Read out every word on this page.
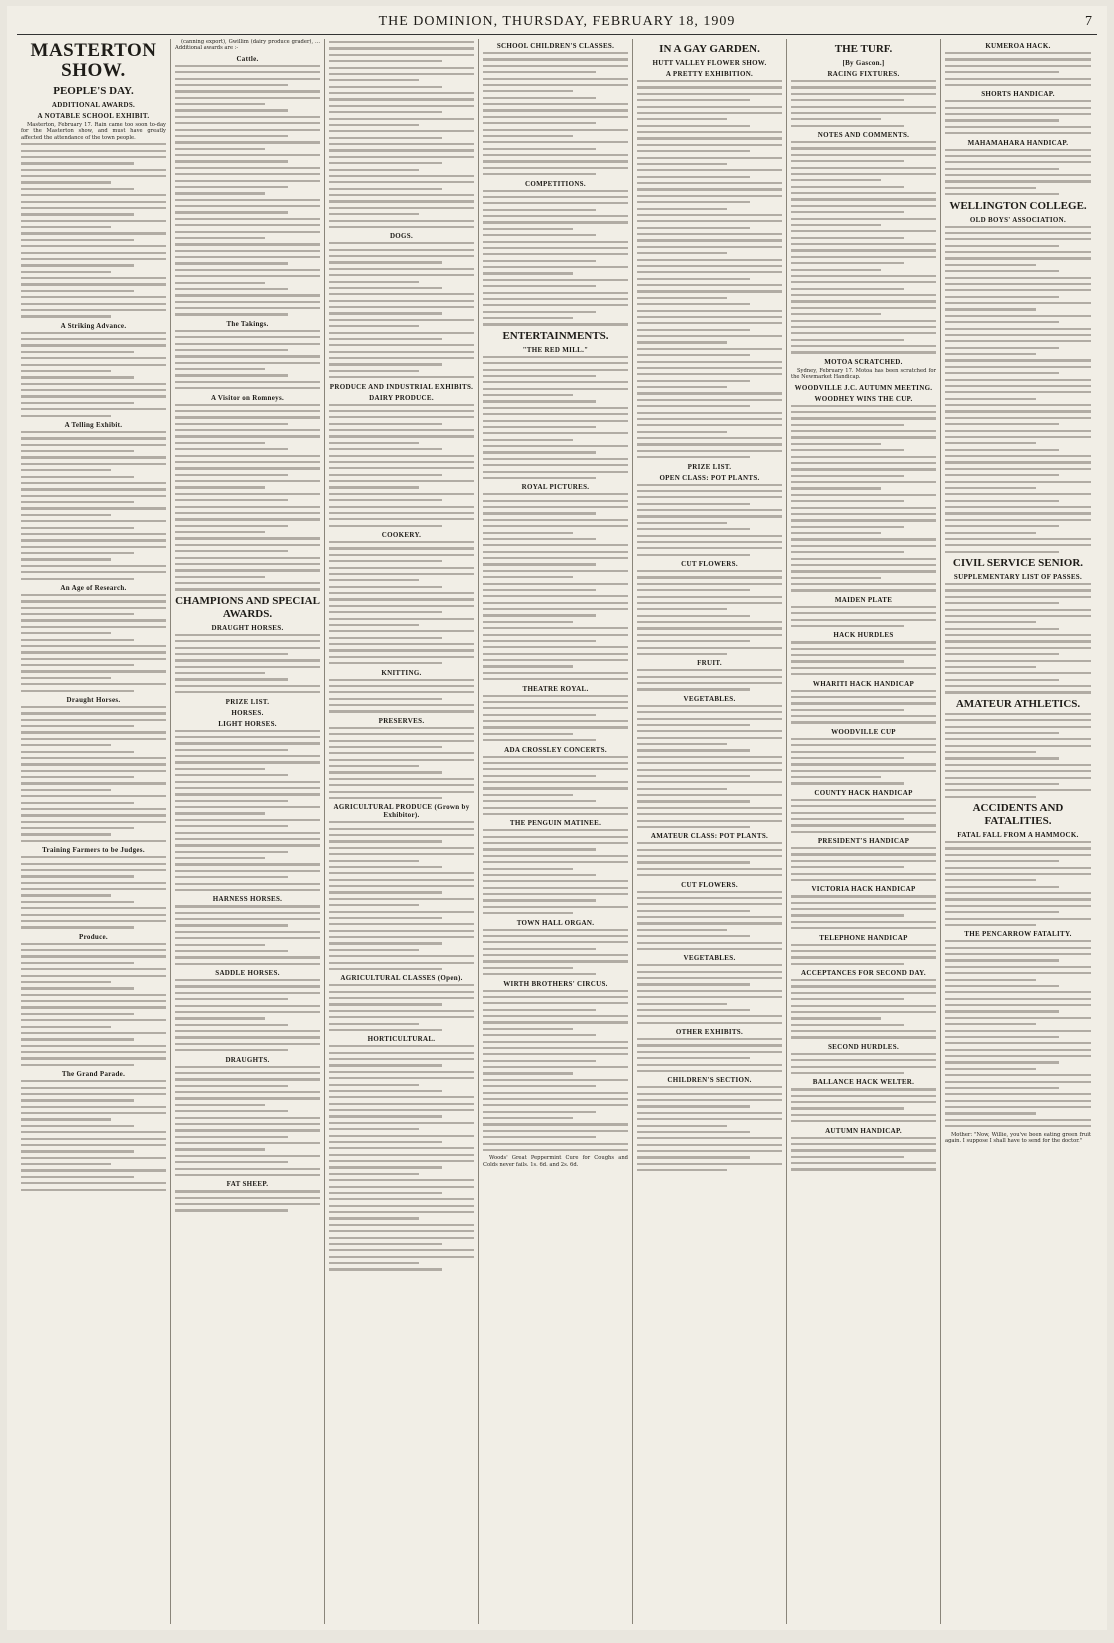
THE DOMINION, THURSDAY, FEBRUARY 18, 1909	7
MASTERTON SHOW.
PEOPLE'S DAY.
ADDITIONAL AWARDS.
A NOTABLE SCHOOL EXHIBIT.

Masterton, February 17. Rain came too soon to-day for the Masterton show, and must have greatly affected the attendance of the town people.

A Striking Advance.
A Telling Exhibit.
An Age of Research.
Draught Horses.
Training Farmers to be Judges.
Produce.
The Grand Parade.

(canning export), Gwillim (dairy produce grader), ... Additional awards are :-

Cattle.
The Takings.
A Visitor on Romneys.
CHAMPIONS AND SPECIAL AWARDS.
DRAUGHT HORSES.
PRIZE LIST.
HORSES.
LIGHT HORSES.
HARNESS HORSES.
SADDLE HORSES.
DRAUGHTS.
FAT SHEEP.
DOGS.
PRODUCE AND INDUSTRIAL EXHIBITS.
DAIRY PRODUCE.
COOKERY.
KNITTING.
PRESERVES.
AGRICULTURAL PRODUCE (Grown by Exhibitor).
AGRICULTURAL CLASSES (Open).
HORTICULTURAL.
SCHOOL CHILDREN'S CLASSES.
COMPETITIONS.
ENTERTAINMENTS.
"THE RED MILL."
ROYAL PICTURES.
THEATRE ROYAL.
ADA CROSSLEY CONCERTS.
THE PENGUIN MATINEE.
TOWN HALL ORGAN.
WIRTH BROTHERS' CIRCUS.

Woods' Great Peppermint Cure for Coughs and Colds never fails. 1s. 6d. and 2s. 6d.

IN A GAY GARDEN.
HUTT VALLEY FLOWER SHOW.
A PRETTY EXHIBITION.
PRIZE LIST.
OPEN CLASS: POT PLANTS.
CUT FLOWERS.
FRUIT.
VEGETABLES.
AMATEUR CLASS: POT PLANTS.
CUT FLOWERS.
VEGETABLES.
OTHER EXHIBITS.
CHILDREN'S SECTION.
THE TURF.
[By Gascon.]
RACING FIXTURES.
NOTES AND COMMENTS.
MOTOA SCRATCHED.

Sydney, February 17. Motoa has been scratched for the Newmarket Handicap.

WOODVILLE J.C. AUTUMN MEETING.
WOODHEY WINS THE CUP.
MAIDEN PLATE
HACK HURDLES
WHARITI HACK HANDICAP
WOODVILLE CUP
COUNTY HACK HANDICAP
PRESIDENT'S HANDICAP
VICTORIA HACK HANDICAP
TELEPHONE HANDICAP
ACCEPTANCES FOR SECOND DAY.
SECOND HURDLES.
BALLANCE HACK WELTER.
AUTUMN HANDICAP.
KUMEROA HACK.
SHORTS HANDICAP.
MAHAMAHARA HANDICAP.
WELLINGTON COLLEGE.
OLD BOYS' ASSOCIATION.
CIVIL SERVICE SENIOR.
SUPPLEMENTARY LIST OF PASSES.
AMATEUR ATHLETICS.
ACCIDENTS AND FATALITIES.
FATAL FALL FROM A HAMMOCK.
THE PENCARROW FATALITY.

Mother: "Now, Willie, you've been eating green fruit again. I suppose I shall have to send for the doctor."
